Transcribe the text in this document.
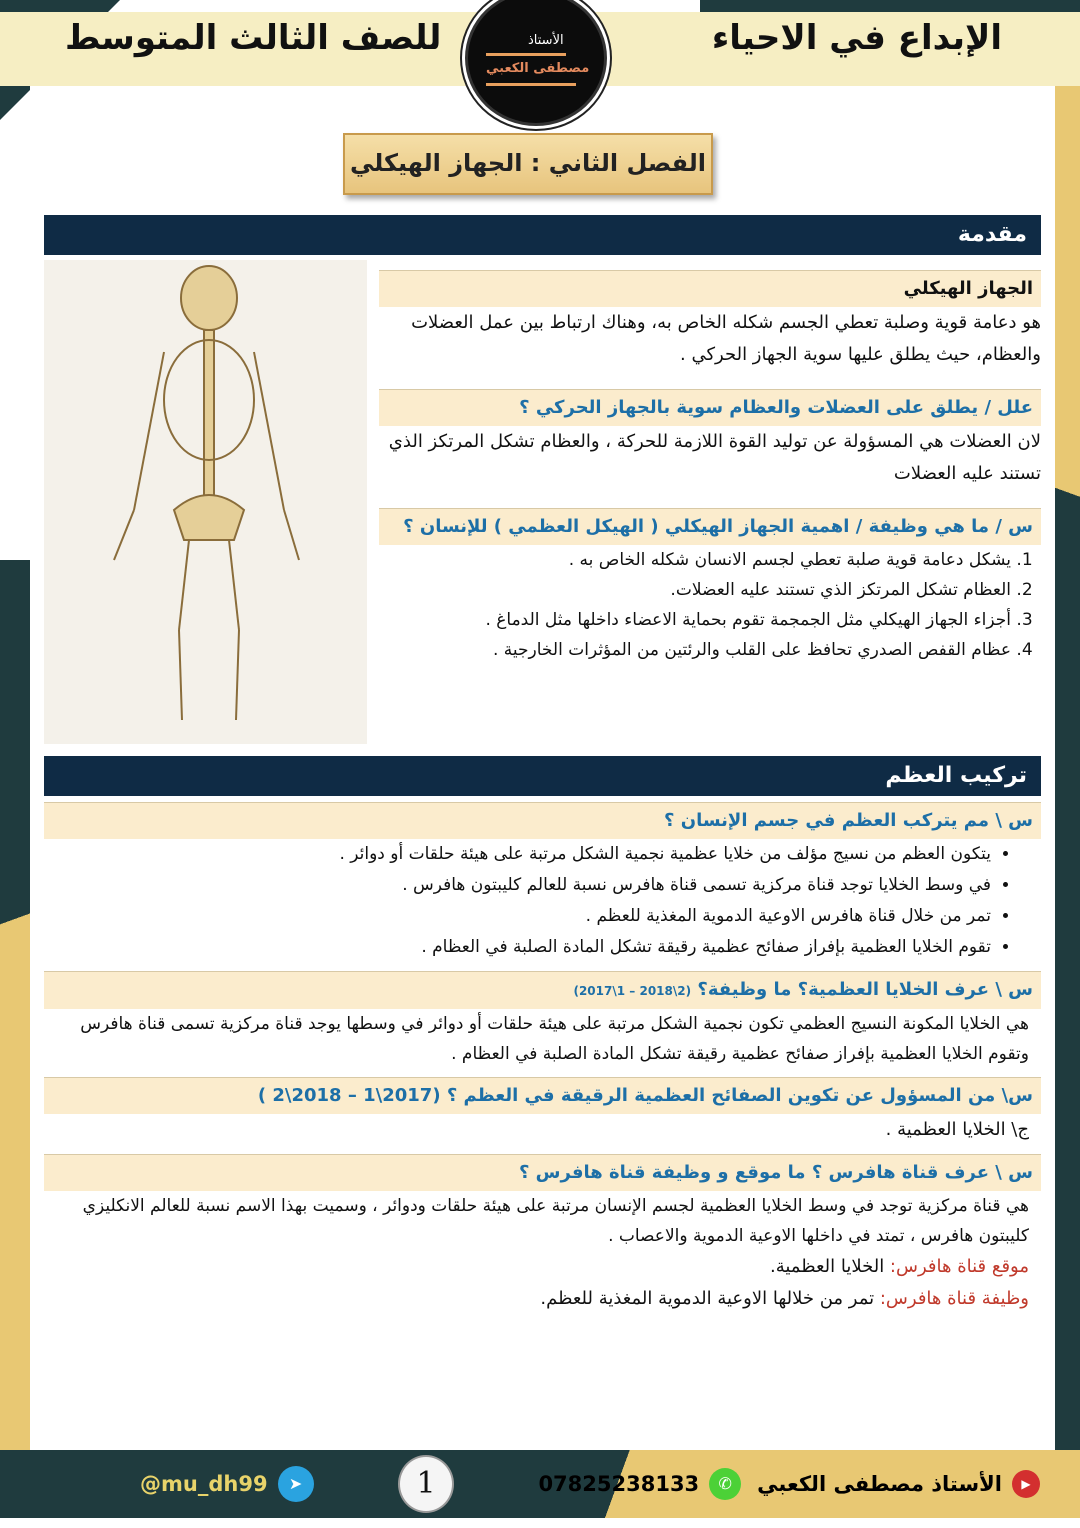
الإبداع في الاحياء
للصف الثالث المتوسط	الأستاذ
مصطفى الكعبي
الفصل الثاني : الجهاز الهيكلي
مقدمة
الجهاز الهيكلي
هو دعامة قوية وصلبة تعطي الجسم شكله الخاص به، وهناك ارتباط بين عمل العضلات والعظام، حيث يطلق عليها سوية الجهاز الحركي .
علل / يطلق على العضلات والعظام سوية بالجهاز الحركي ؟
لان العضلات هي المسؤولة عن توليد القوة اللازمة للحركة ، والعظام تشكل المرتكز الذي تستند عليه العضلات
س / ما هي وظيفة / اهمية الجهاز الهيكلي ( الهيكل العظمي ) للإنسان ؟
1. يشكل دعامة قوية صلبة تعطي لجسم الانسان شكله الخاص به .
2. العظام تشكل المرتكز الذي تستند عليه العضلات.
3. أجزاء الجهاز الهيكلي مثل الجمجمة تقوم بحماية الاعضاء داخلها مثل الدماغ .
4. عظام القفص الصدري تحافظ على القلب والرئتين من المؤثرات الخارجية .
تركيب العظم
س \ مم يتركب العظم في جسم الإنسان ؟
• يتكون العظم من نسيج مؤلف من خلايا عظمية نجمية الشكل مرتبة على هيئة حلقات أو دوائر .
• في وسط الخلايا توجد قناة مركزية تسمى قناة هافرس نسبة للعالم كليبتون هافرس .
• تمر من خلال قناة هافرس الاوعية الدموية المغذية للعظم .
• تقوم الخلايا العظمية بإفراز صفائح عظمية رقيقة تشكل المادة الصلبة في العظام .
س \ عرف الخلايا العظمية؟ ما وظيفة؟ (2\2018 – 1\2017)
هي الخلايا المكونة النسيج العظمي تكون نجمية الشكل مرتبة على هيئة حلقات أو دوائر في وسطها يوجد قناة مركزية تسمى قناة هافرس وتقوم الخلايا العظمية بإفراز صفائح عظمية رقيقة تشكل المادة الصلبة في العظام .
س\ من المسؤول عن تكوين الصفائح العظمية الرقيقة في العظم ؟ (2017\1 – 2018\2 )
ج\ الخلايا العظمية .
س \ عرف قناة هافرس ؟ ما موقع و وظيفة قناة هافرس ؟
هي قناة مركزية توجد في وسط الخلايا العظمية لجسم الإنسان مرتبة على هيئة حلقات ودوائر ، وسميت بهذا الاسم نسبة للعالم الانكليزي كليبتون هافرس ، تمتد في داخلها الاوعية الدموية والاعصاب .
موقع قناة هافرس: الخلايا العظمية.
وظيفة قناة هافرس: تمر من خلالها الاوعية الدموية المغذية للعظم.
▶
الأستاذ مصطفى الكعبي
✆
07825238133
1
➤
@mu_dh99
